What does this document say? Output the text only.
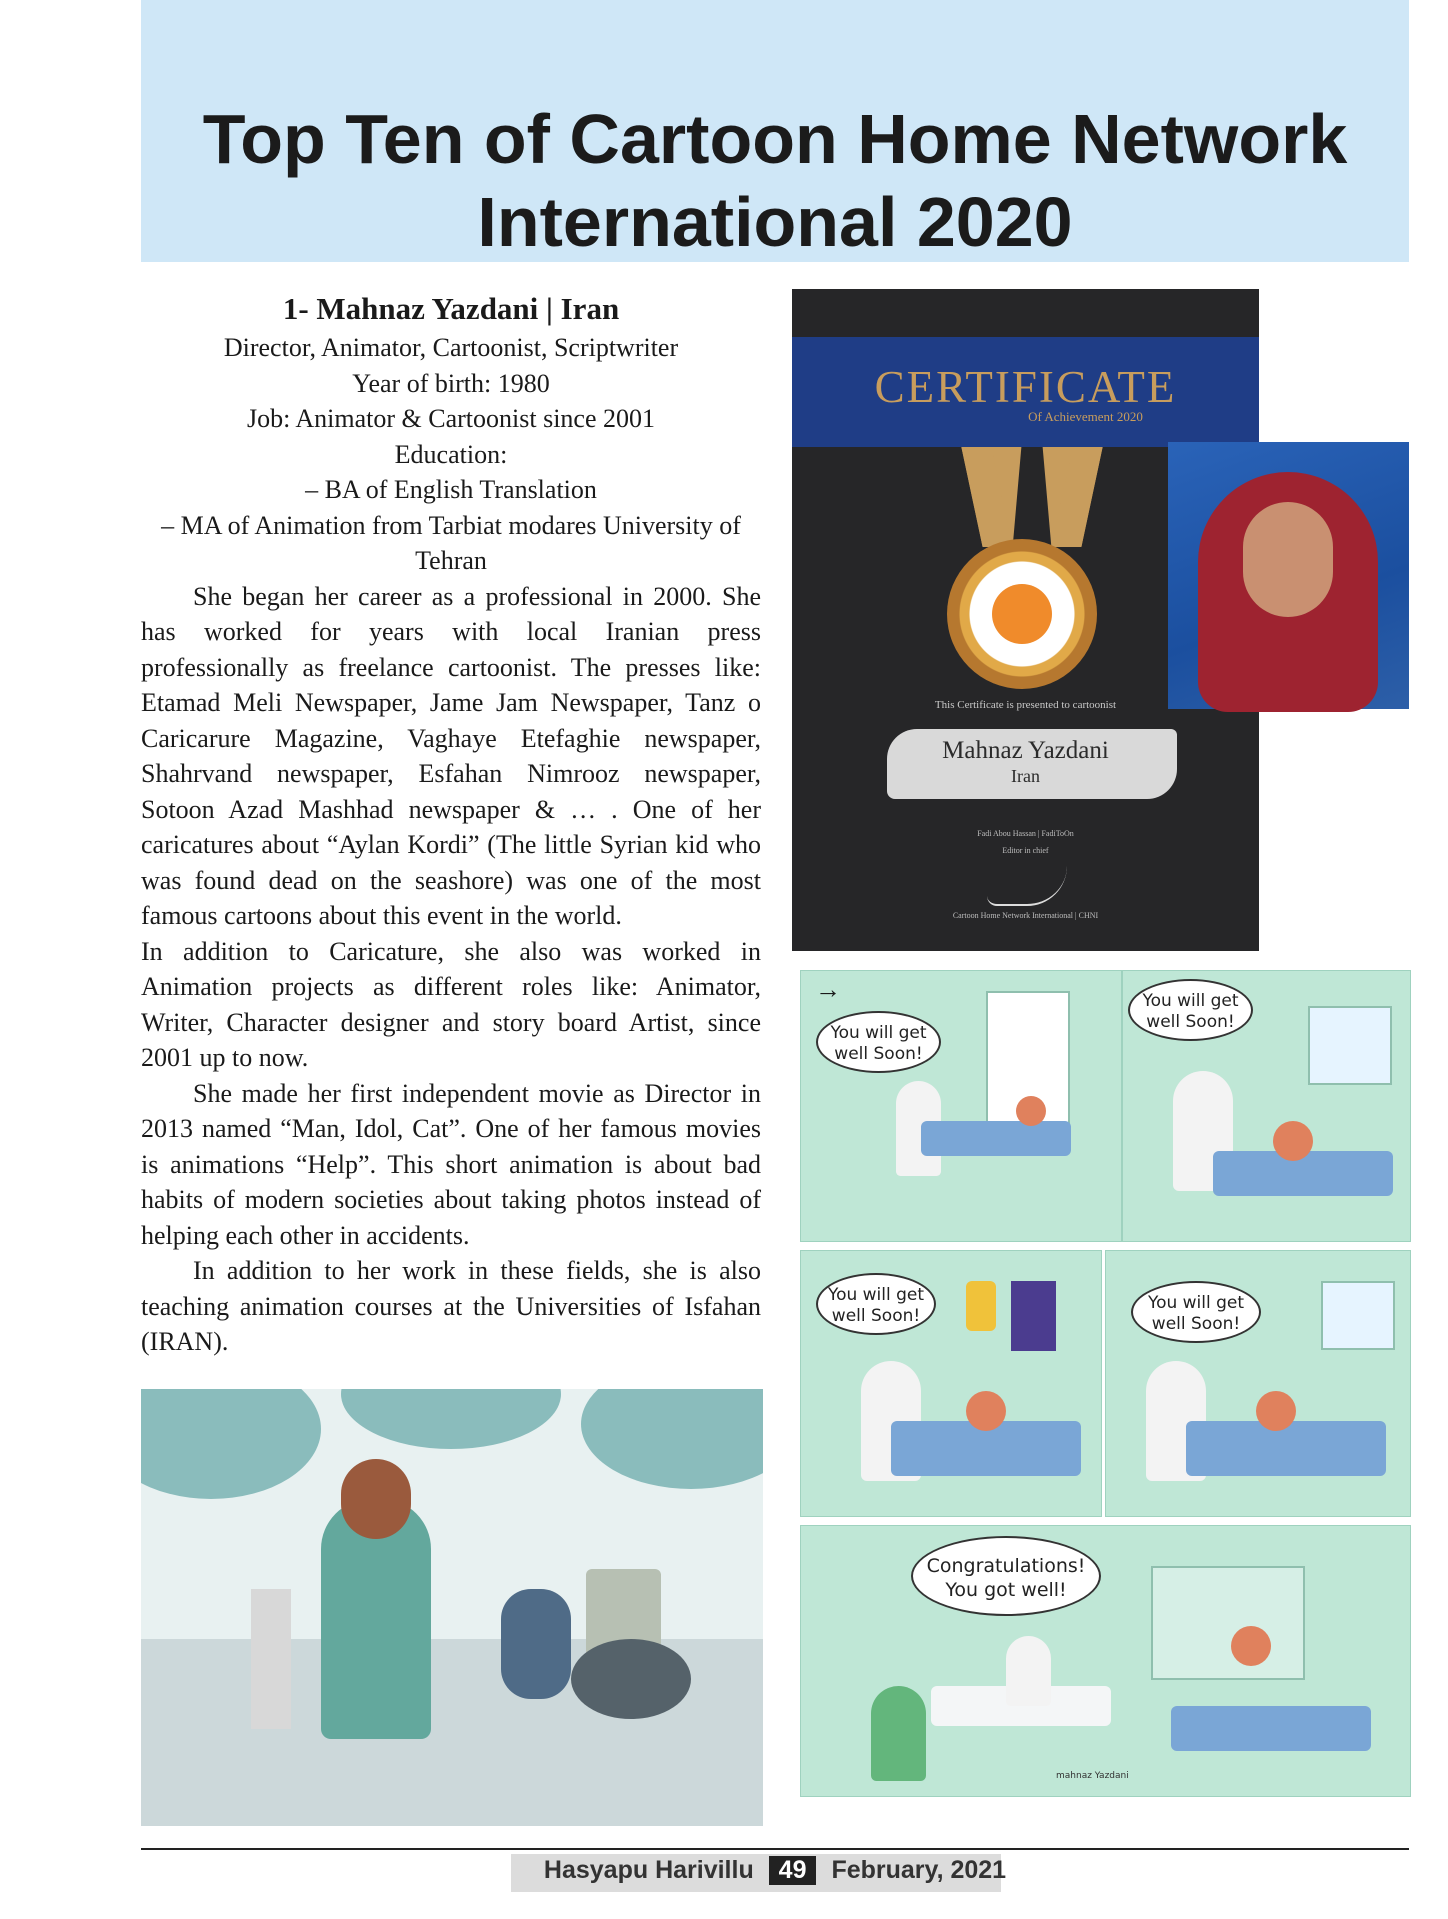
Top Ten of Cartoon Home Network
International 2020
1- Mahnaz Yazdani | Iran
Director, Animator, Cartoonist, Scriptwriter
Year of birth: 1980
Job: Animator & Cartoonist since 2001
Education:
– BA of English Translation
– MA of Animation from Tarbiat modares University of
Tehran

She began her career as a professional in 2000. She has worked for years with local Iranian press professionally as freelance cartoonist. The presses like: Etamad Meli Newspaper, Jame Jam Newspaper, Tanz o Caricarure Magazine, Vaghaye Etefaghie newspaper, Shahrvand newspaper, Esfahan Nimrooz newspaper, Sotoon Azad Mashhad newspaper & … . One of her caricatures about “Aylan Kordi” (The little Syrian kid who was found dead on the seashore) was one of the most famous cartoons about this event in the world.

In addition to Caricature, she also was worked in Animation projects as different roles like: Animator, Writer, Character designer and story board Artist, since 2001 up to now.

She made her first independent movie as Director in 2013 named “Man, Idol, Cat”. One of her famous movies is animations “Help”. This short animation is about bad habits of modern societies about taking photos instead of helping each other in accidents.

In addition to her work in these fields, she is also teaching animation courses at the Universities of Isfahan (IRAN).

CERTIFICATE
Of Achievement 2020
This Certificate is presented to cartoonist
Mahnaz Yazdani
Iran
Fadi Abou Hassan | FadiToOn
Editor in chief
Cartoon Home Network International | CHNI
→
You will get well Soon!
You will get well Soon!
You will get well Soon!
You will get well Soon!
Congratulations! You got well!
mahnaz Yazdani
Hasyapu Harivillu 49 February, 2021
